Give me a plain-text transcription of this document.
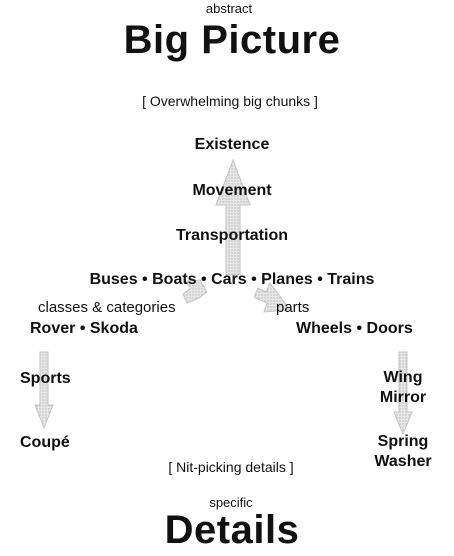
abstract
Big Picture
[ Overwhelming big chunks ]
Existence
Movement
Transportation
Buses • Boats • Cars • Planes • Trains
classes & categories	parts
Rover • Skoda
Sports
Coupé
Wheels • Doors
Wing
Mirror
Spring
Washer
[ Nit-picking details ]
specific
Details
